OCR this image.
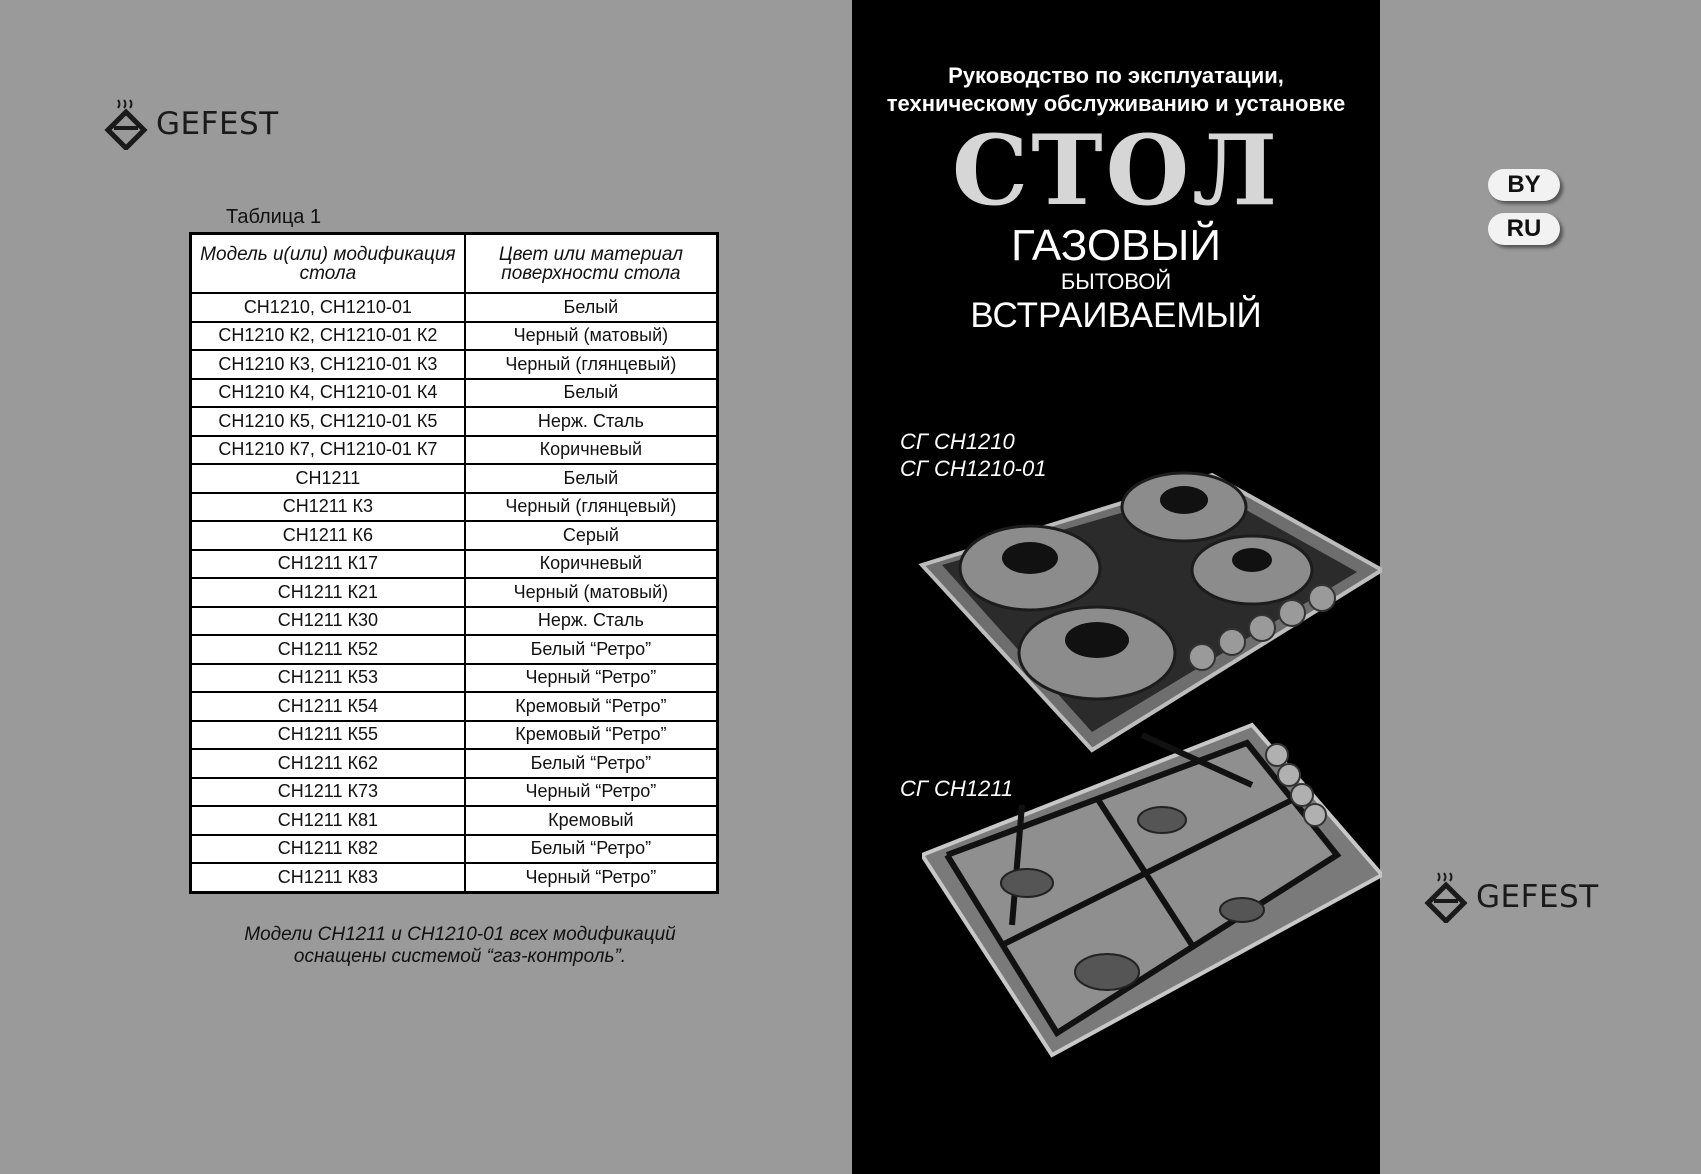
GEFEST
Таблица 1
Модель и(или) модификация стола	Цвет или материал поверхности стола
СН1210, СН1210-01	Белый
СН1210 К2, СН1210-01 К2	Черный (матовый)
СН1210 К3, СН1210-01 К3	Черный (глянцевый)
СН1210 К4, СН1210-01 К4	Белый
СН1210 К5, СН1210-01 К5	Нерж. Сталь
СН1210 К7, СН1210-01 К7	Коричневый
СН1211	Белый
СН1211 К3	Черный (глянцевый)
СН1211 К6	Серый
СН1211 К17	Коричневый
СН1211 К21	Черный (матовый)
СН1211 К30	Нерж. Сталь
СН1211 К52	Белый “Ретро”
СН1211 К53	Черный “Ретро”
СН1211 К54	Кремовый “Ретро”
СН1211 К55	Кремовый “Ретро”
СН1211 К62	Белый “Ретро”
СН1211 К73	Черный “Ретро”
СН1211 К81	Кремовый
СН1211 К82	Белый “Ретро”
СН1211 К83	Черный “Ретро”
Модели СН1211 и СН1210-01 всех модификаций
оснащены системой “газ-контроль”.
Руководство по эксплуатации,
техническому обслуживанию и установке
СТОЛ
ГАЗОВЫЙ
БЫТОВОЙ
ВСТРАИВАЕМЫЙ
СГ СН1210
СГ СН1210-01
СГ СН1211
BY
RU
GEFEST
